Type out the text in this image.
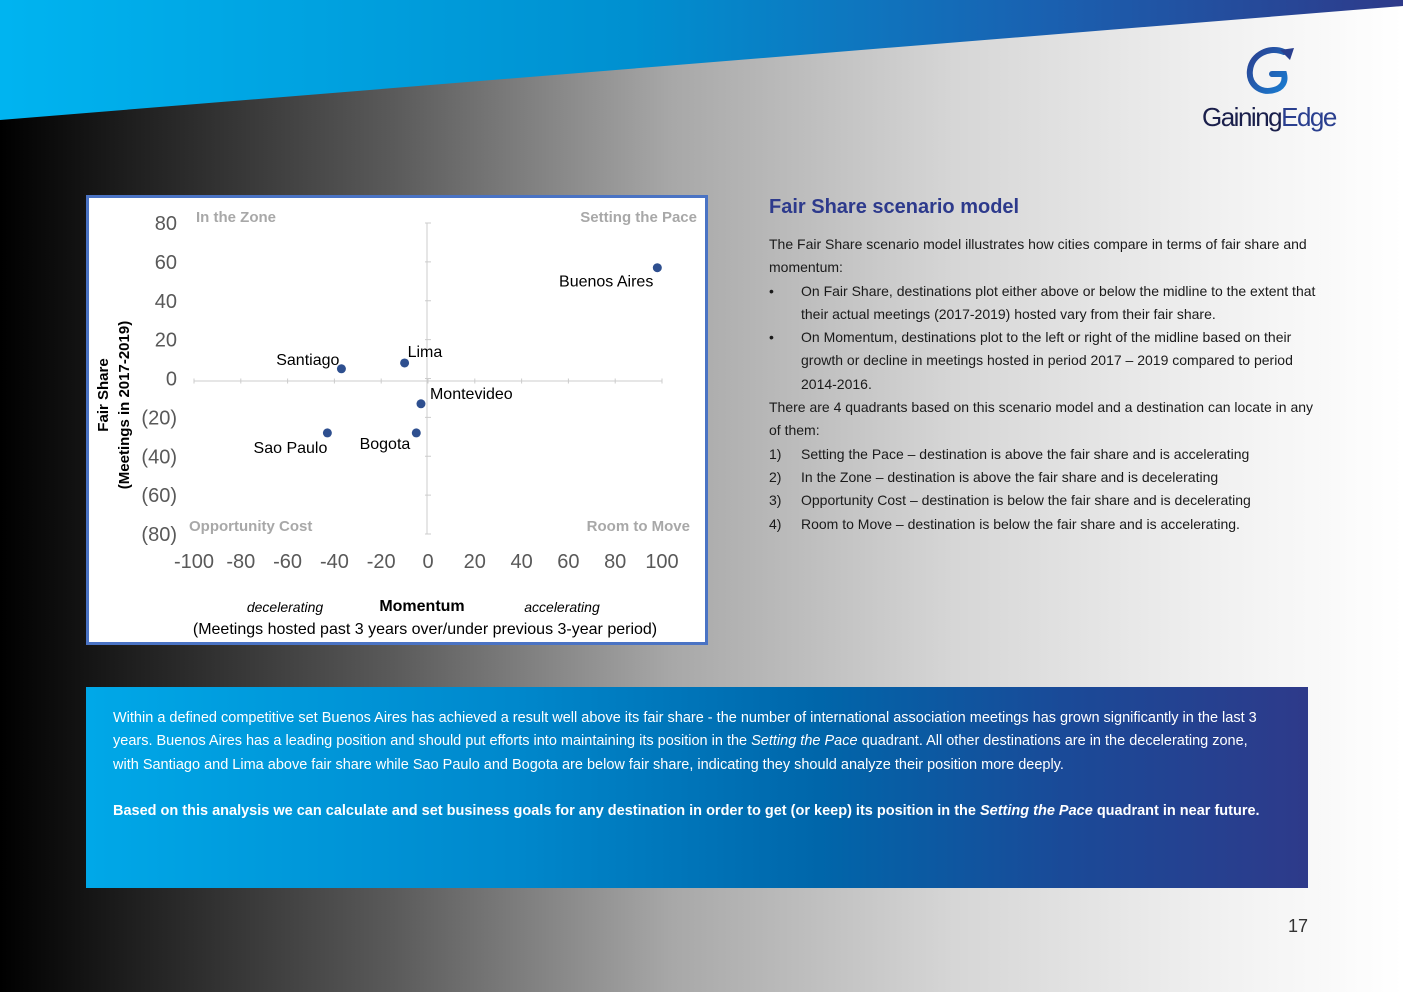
GainingEdge
80
60
40
20
0
(20)
(40)
(60)
(80)
-100 -80 -60 -40 -20 0 20 40 60 80 100
In the Zone	Setting the Pace
Opportunity Cost	Room to Move
Buenos Aires
Santiago	Lima
Montevideo
Sao Paulo Bogota
Fair Share (Meetings in 2017-2019)
decelerating	Momentum	accelerating
(Meetings hosted past 3 years over/under previous 3-year period)
Fair Share scenario model

The Fair Share scenario model illustrates how cities compare in terms of fair share and momentum:

• On Fair Share, destinations plot either above or below the midline to the extent that their actual meetings (2017-2019) hosted vary from their fair share.
• On Momentum, destinations plot to the left or right of the midline based on their growth or decline in meetings hosted in period 2017 – 2019 compared to period 2014-2016.

There are 4 quadrants based on this scenario model and a destination can locate in any of them:

1) Setting the Pace – destination is above the fair share and is accelerating
2) In the Zone – destination is above the fair share and is decelerating
3) Opportunity Cost – destination is below the fair share and is decelerating
4) Room to Move – destination is below the fair share and is accelerating.

Within a defined competitive set Buenos Aires has achieved a result well above its fair share - the number of international association meetings has grown significantly in the last 3 years. Buenos Aires has a leading position and should put efforts into maintaining its position in the Setting the Pace quadrant. All other destinations are in the decelerating zone, with Santiago and Lima above fair share while Sao Paulo and Bogota are below fair share, indicating they should analyze their position more deeply.

Based on this analysis we can calculate and set business goals for any destination in order to get (or keep) its position in the Setting the Pace quadrant in near future.

17
